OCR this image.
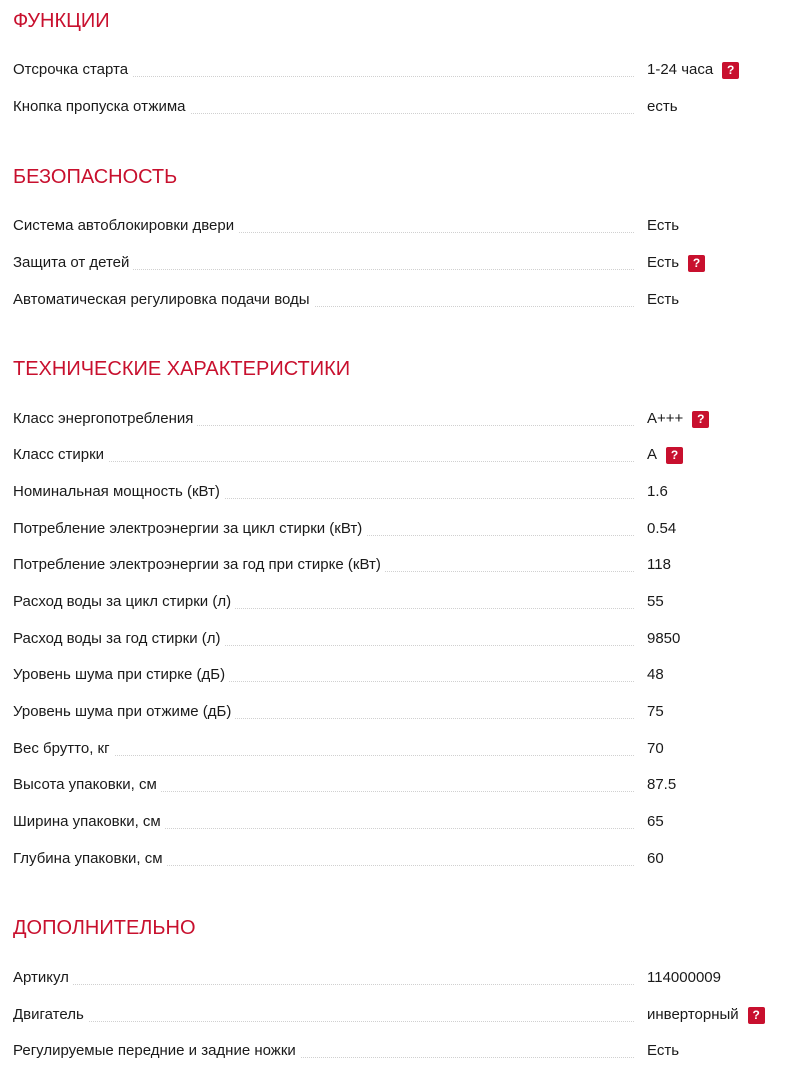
ФУНКЦИИ
Отсрочка старта	1-24 часа	?
Кнопка пропуска отжима	есть
БЕЗОПАСНОСТЬ
Система автоблокировки двери	Есть
Защита от детей	Есть	?
Автоматическая регулировка подачи воды	Есть
ТЕХНИЧЕСКИЕ ХАРАКТЕРИСТИКИ
Класс энергопотребления	A+++	?
Класс стирки	A	?
Номинальная мощность (кВт)	1.6
Потребление электроэнергии за цикл стирки (кВт)	0.54
Потребление электроэнергии за год при стирке (кВт)	118
Расход воды за цикл стирки (л)	55
Расход воды за год стирки (л)	9850
Уровень шума при стирке (дБ)	48
Уровень шума при отжиме (дБ)	75
Вес брутто, кг	70
Высота упаковки, см	87.5
Ширина упаковки, см	65
Глубина упаковки, см	60
ДОПОЛНИТЕЛЬНО
Артикул	114000009
Двигатель	инверторный	?
Регулируемые передние и задние ножки	Есть
